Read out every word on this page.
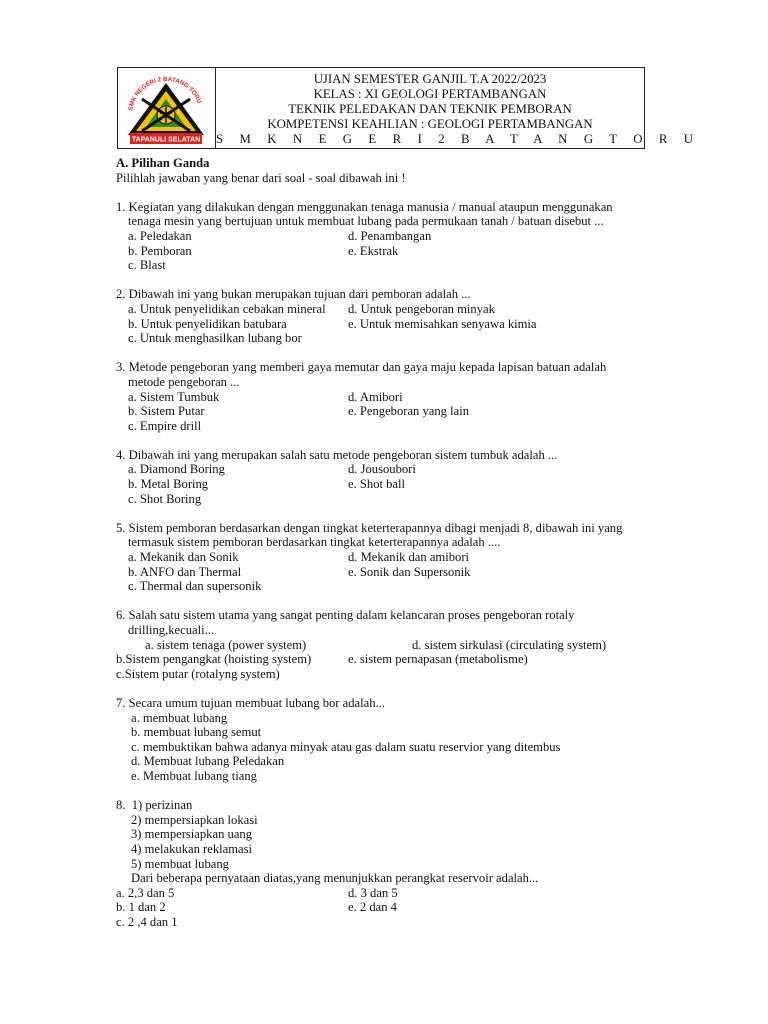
SMK NEGERI 2 BATANG TORU
TAPANULI SELATAN
UJIAN SEMESTER GANJIL T.A 2022/2023
KELAS : XI GEOLOGI PERTAMBANGAN
TEKNIK PELEDAKAN DAN TEKNIK PEMBORAN
KOMPETENSI KEAHLIAN : GEOLOGI PERTAMBANGAN
S M K N E G E R I 2 B A T A N G T O R U
A. Pilihan Ganda
Pilihlah jawaban yang benar dari soal - soal dibawah ini !
1. Kegiatan yang dilakukan dengan menggunakan tenaga manusia / manual ataupun menggunakan
tenaga mesin yang bertujuan untuk membuat lubang pada permukaan tanah / batuan disebut ...
a. Peledakan	d. Penambangan
b. Pemboran	e. Ekstrak
c. Blast
2. Dibawah ini yang bukan merupakan tujuan dari pemboran adalah ...
a. Untuk penyelidikan cebakan mineral	d. Untuk pengeboran minyak
b. Untuk penyelidikan batubara	e. Untuk memisahkan senyawa kimia
c. Untuk menghasilkan lubang bor
3. Metode pengeboran yang memberi gaya memutar dan gaya maju kepada lapisan batuan adalah
metode pengeboran ...
a. Sistem Tumbuk	d. Amibori
b. Sistem Putar	e. Pengeboran yang lain
c. Empire drill
4. Dibawah ini yang merupakan salah satu metode pengeboran sistem tumbuk adalah ...
a. Diamond Boring	d. Jousoubori
b. Metal Boring	e. Shot ball
c. Shot Boring
5. Sistem pemboran berdasarkan dengan tingkat keterterapannya dibagi menjadi 8, dibawah ini yang
termasuk sistem pemboran berdasarkan tingkat keterterapannya adalah ....
a. Mekanik dan Sonik	d. Mekanik dan amibori
b. ANFO dan Thermal	e. Sonik dan Supersonik
c. Thermal dan supersonik
6. Salah satu sistem utama yang sangat penting dalam kelancaran proses pengeboran rotaly
drilling,kecuali...
a. sistem tenaga (power system)	d. sistem sirkulasi (circulating system)
b.Sistem pengangkat (hoisting system)	e. sistem pernapasan (metabolisme)
c.Sistem putar (rotalyng system)
7. Secara umum tujuan membuat lubang bor adalah...
a. membuat lubang
b. membuat lubang semut
c. membuktikan bahwa adanya minyak atau gas dalam suatu reservior yang ditembus
d. Membuat lubang Peledakan
e. Membuat lubang tiang
8. 1) perizinan
2) mempersiapkan lokasi
3) mempersiapkan uang
4) melakukan reklamasi
5) membuat lubang
Dari beberapa pernyataan diatas,yang menunjukkan perangkat reservoir adalah...
a. 2,3 dan 5	d. 3 dan 5
b. 1 dan 2	e. 2 dan 4
c. 2 ,4 dan 1
